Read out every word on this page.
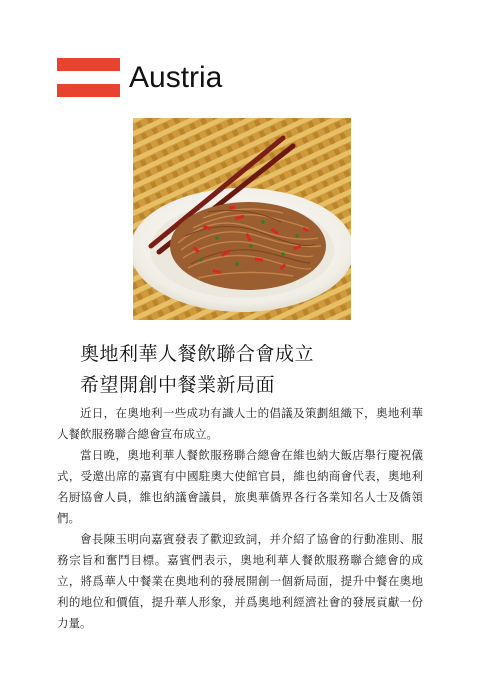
Austria
奧地利華人餐飲聯合會成立
希望開創中餐業新局面

近日，在奧地利一些成功有識人士的倡議及策劃組織下，奧地利華人餐飲服務聯合總會宣布成立。

當日晚，奧地利華人餐飲服務聯合總會在維也納大飯店舉行慶祝儀式，受邀出席的嘉賓有中國駐奧大使館官員，維也納商會代表，奧地利名厨協會人員，維也納議會議員，旅奧華僑界各行各業知名人士及僑領們。

會長陳玉明向嘉賓發表了歡迎致詞，并介紹了協會的行動准則、服務宗旨和奮鬥目標。嘉賓們表示，奧地利華人餐飲服務聯合總會的成立，將爲華人中餐業在奧地利的發展開創一個新局面，提升中餐在奧地利的地位和價值，提升華人形象，并爲奧地利經濟社會的發展貢獻一份力量。
